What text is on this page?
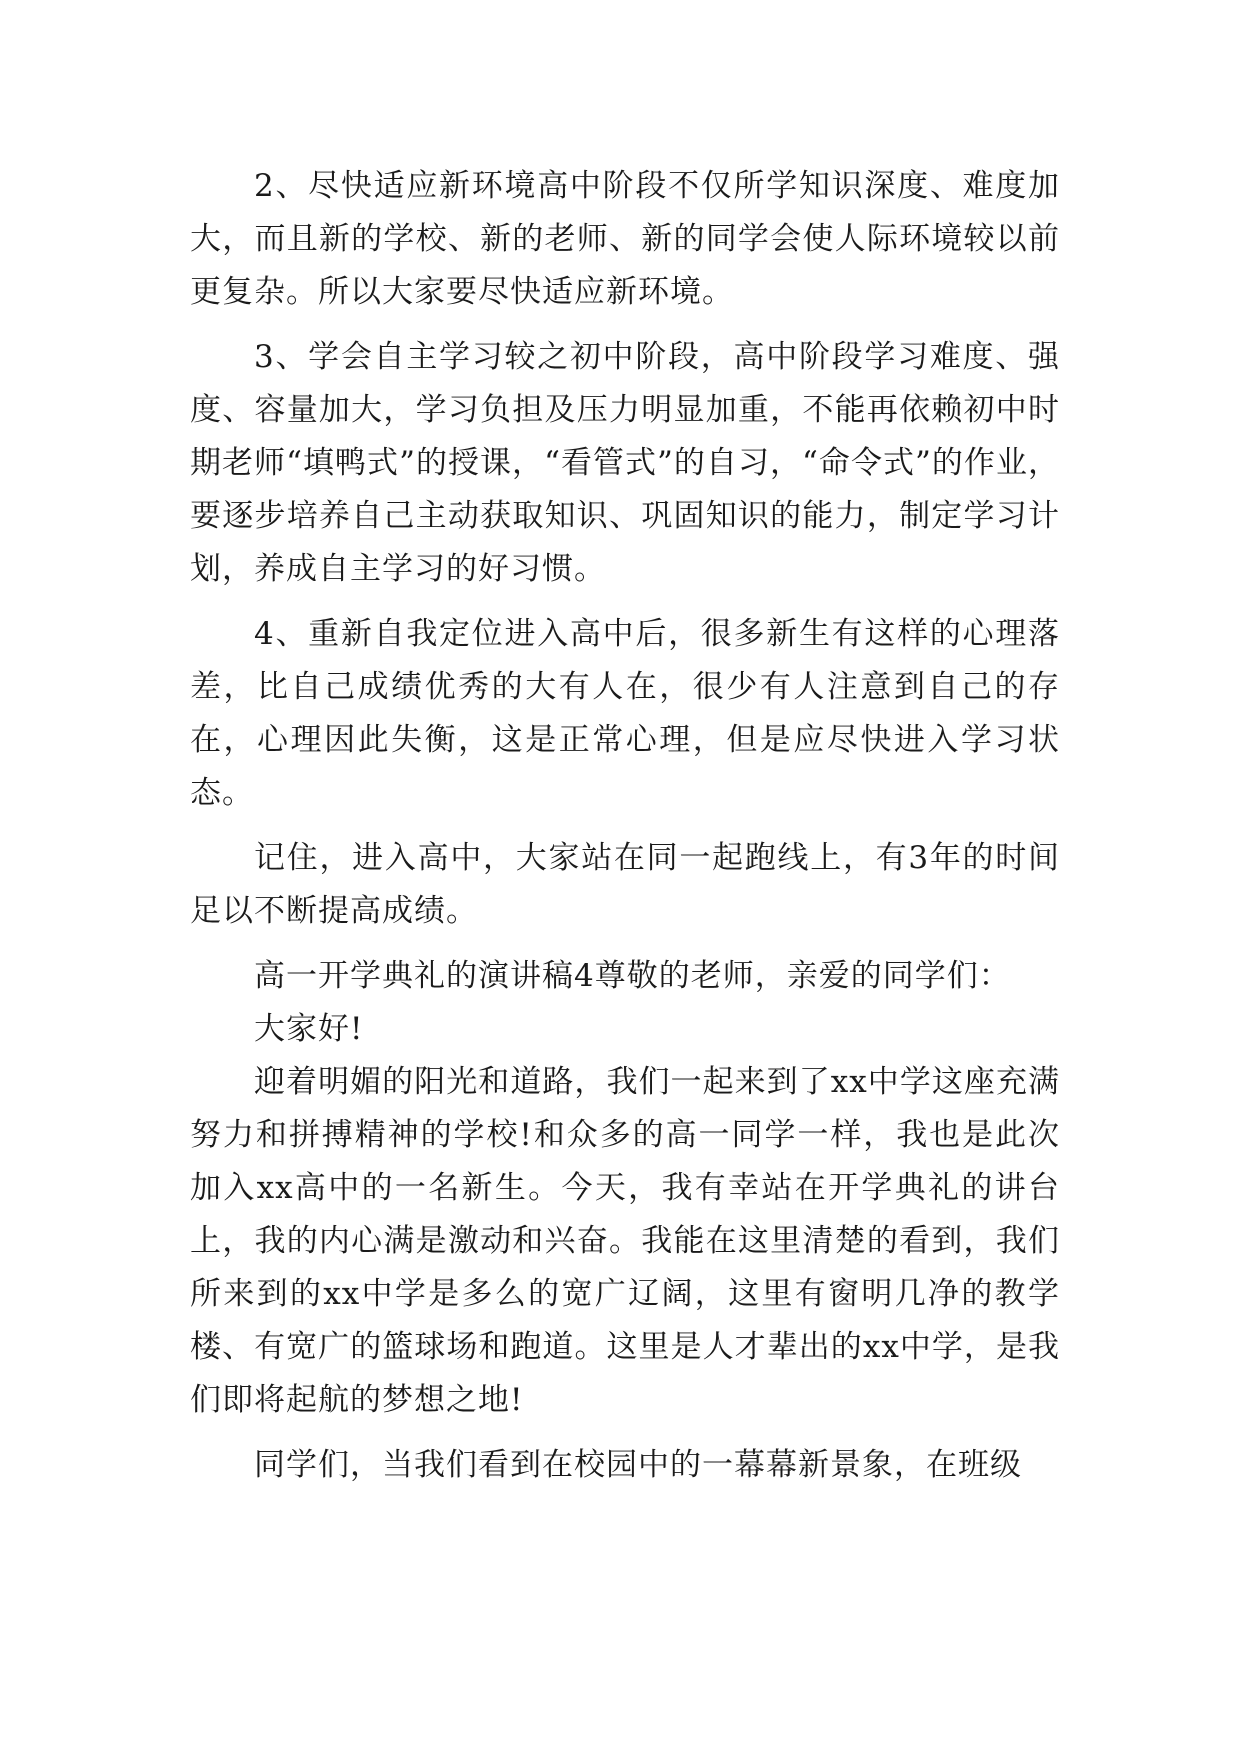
2、尽快适应新环境高中阶段不仅所学知识深度、难度加大，而且新的学校、新的老师、新的同学会使人际环境较以前更复杂。所以大家要尽快适应新环境。

3、学会自主学习较之初中阶段，高中阶段学习难度、强度、容量加大，学习负担及压力明显加重，不能再依赖初中时期老师“填鸭式”的授课，“看管式”的自习，“命令式”的作业，要逐步培养自己主动获取知识、巩固知识的能力，制定学习计划，养成自主学习的好习惯。

4、重新自我定位进入高中后，很多新生有这样的心理落差，比自己成绩优秀的大有人在，很少有人注意到自己的存在，心理因此失衡，这是正常心理，但是应尽快进入学习状态。

记住，进入高中，大家站在同一起跑线上，有3年的时间足以不断提高成绩。

高一开学典礼的演讲稿4尊敬的老师，亲爱的同学们：

大家好!

迎着明媚的阳光和道路，我们一起来到了xx中学这座充满努力和拼搏精神的学校!和众多的高一同学一样，我也是此次加入xx高中的一名新生。今天，我有幸站在开学典礼的讲台上，我的内心满是激动和兴奋。我能在这里清楚的看到，我们所来到的xx中学是多么的宽广辽阔，这里有窗明几净的教学楼、有宽广的篮球场和跑道。这里是人才辈出的xx中学，是我们即将起航的梦想之地!

同学们，当我们看到在校园中的一幕幕新景象，在班级
